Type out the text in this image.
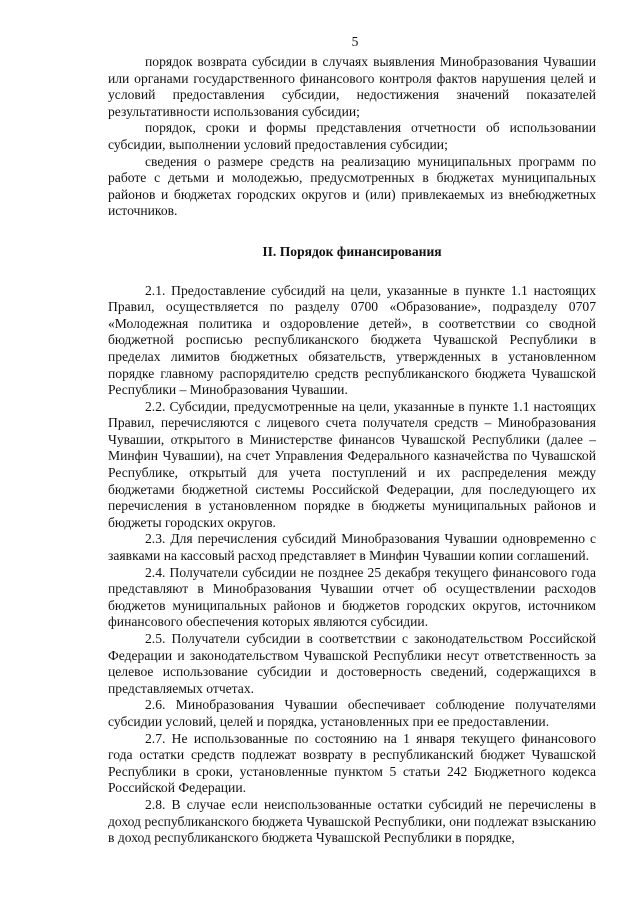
5

порядок возврата субсидии в случаях выявления Минобразования Чувашии или органами государственного финансового контроля фактов нарушения целей и условий предоставления субсидии, недостижения значений показателей результативности использования субсидии;

порядок, сроки и формы представления отчетности об использовании субсидии, выполнении условий предоставления субсидии;

сведения о размере средств на реализацию муниципальных программ по работе с детьми и молодежью, предусмотренных в бюджетах муниципальных районов и бюджетах городских округов и (или) привлекаемых из внебюджетных источников.

II. Порядок финансирования

2.1. Предоставление субсидий на цели, указанные в пункте 1.1 настоящих Правил, осуществляется по разделу 0700 «Образование», подразделу 0707 «Молодежная политика и оздоровление детей», в соответствии со сводной бюджетной росписью республиканского бюджета Чувашской Республики в пределах лимитов бюджетных обязательств, утвержденных в установленном порядке главному распорядителю средств республиканского бюджета Чувашской Республики – Минобразования Чувашии.

2.2. Субсидии, предусмотренные на цели, указанные в пункте 1.1 настоящих Правил, перечисляются с лицевого счета получателя средств – Минобразования Чувашии, открытого в Министерстве финансов Чувашской Республики (далее – Минфин Чувашии), на счет Управления Федерального казначейства по Чувашской Республике, открытый для учета поступлений и их распределения между бюджетами бюджетной системы Российской Федерации, для последующего их перечисления в установленном порядке в бюджеты муниципальных районов и бюджеты городских округов.

2.3. Для перечисления субсидий Минобразования Чувашии одновременно с заявками на кассовый расход представляет в Минфин Чувашии копии соглашений.

2.4. Получатели субсидии не позднее 25 декабря текущего финансового года представляют в Минобразования Чувашии отчет об осуществлении расходов бюджетов муниципальных районов и бюджетов городских округов, источником финансового обеспечения которых являются субсидии.

2.5. Получатели субсидии в соответствии с законодательством Российской Федерации и законодательством Чувашской Республики несут ответственность за целевое использование субсидии и достоверность сведений, содержащихся в представляемых отчетах.

2.6. Минобразования Чувашии обеспечивает соблюдение получателями субсидии условий, целей и порядка, установленных при ее предоставлении.

2.7. Не использованные по состоянию на 1 января текущего финансового года остатки средств подлежат возврату в республиканский бюджет Чувашской Республики в сроки, установленные пунктом 5 статьи 242 Бюджетного кодекса Российской Федерации.

2.8. В случае если неиспользованные остатки субсидий не перечислены в доход республиканского бюджета Чувашской Республики, они подлежат взысканию в доход республиканского бюджета Чувашской Республики в порядке,
